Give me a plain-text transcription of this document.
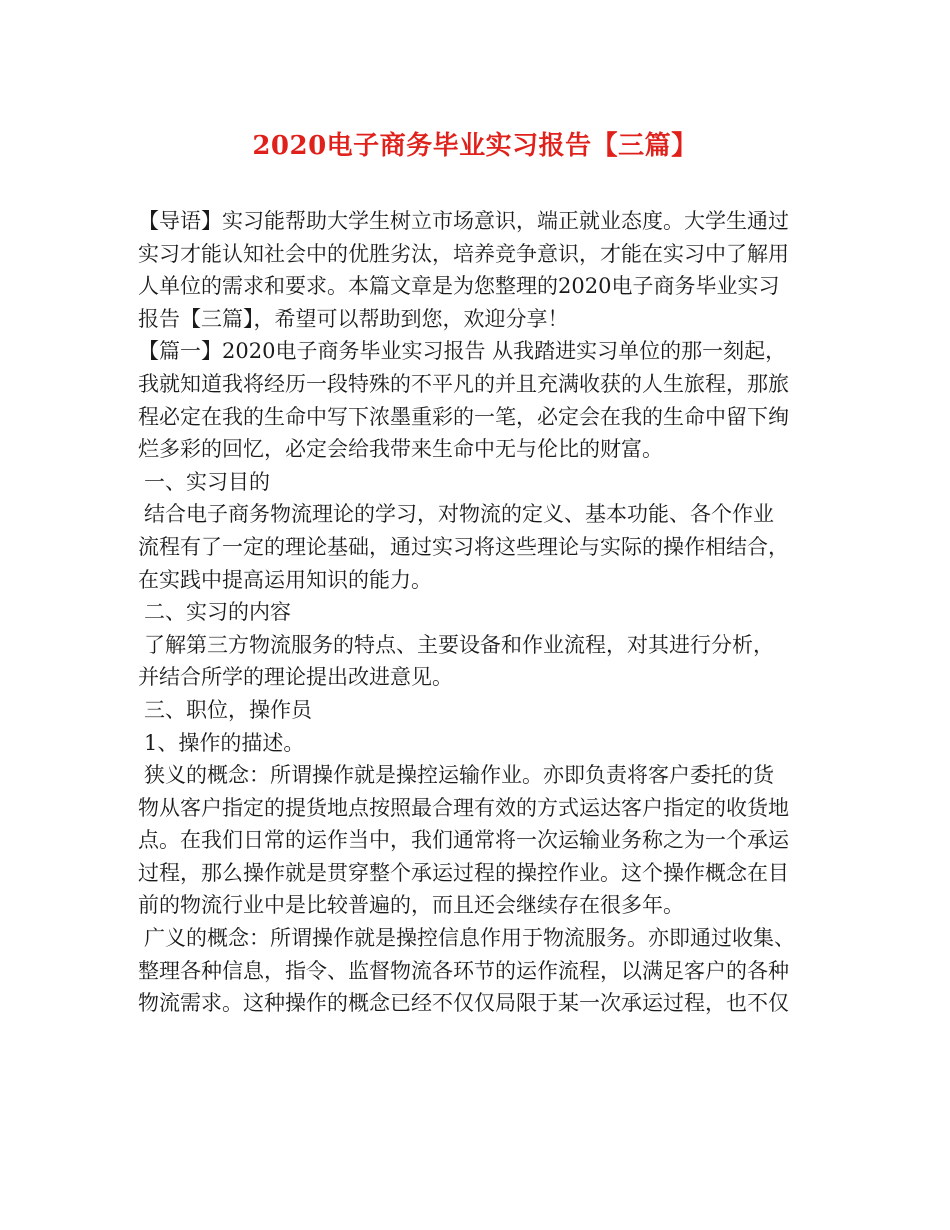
2020电子商务毕业实习报告【三篇】
【导语】实习能帮助大学生树立市场意识，端正就业态度。大学生通过
实习才能认知社会中的优胜劣汰，培养竞争意识，才能在实习中了解用
人单位的需求和要求。本篇文章是为您整理的2020电子商务毕业实习
报告【三篇】，希望可以帮助到您，欢迎分享！
【篇一】2020电子商务毕业实习报告 从我踏进实习单位的那一刻起，
我就知道我将经历一段特殊的不平凡的并且充满收获的人生旅程，那旅
程必定在我的生命中写下浓墨重彩的一笔，必定会在我的生命中留下绚
烂多彩的回忆，必定会给我带来生命中无与伦比的财富。
一、实习目的
结合电子商务物流理论的学习，对物流的定义、基本功能、各个作业
流程有了一定的理论基础，通过实习将这些理论与实际的操作相结合，
在实践中提高运用知识的能力。
二、实习的内容
了解第三方物流服务的特点、主要设备和作业流程，对其进行分析，
并结合所学的理论提出改进意见。
三、职位，操作员
1、操作的描述。
狭义的概念：所谓操作就是操控运输作业。亦即负责将客户委托的货
物从客户指定的提货地点按照最合理有效的方式运达客户指定的收货地
点。在我们日常的运作当中，我们通常将一次运输业务称之为一个承运
过程，那么操作就是贯穿整个承运过程的操控作业。这个操作概念在目
前的物流行业中是比较普遍的，而且还会继续存在很多年。
广义的概念：所谓操作就是操控信息作用于物流服务。亦即通过收集、
整理各种信息，指令、监督物流各环节的运作流程，以满足客户的各种
物流需求。这种操作的概念已经不仅仅局限于某一次承运过程，也不仅
